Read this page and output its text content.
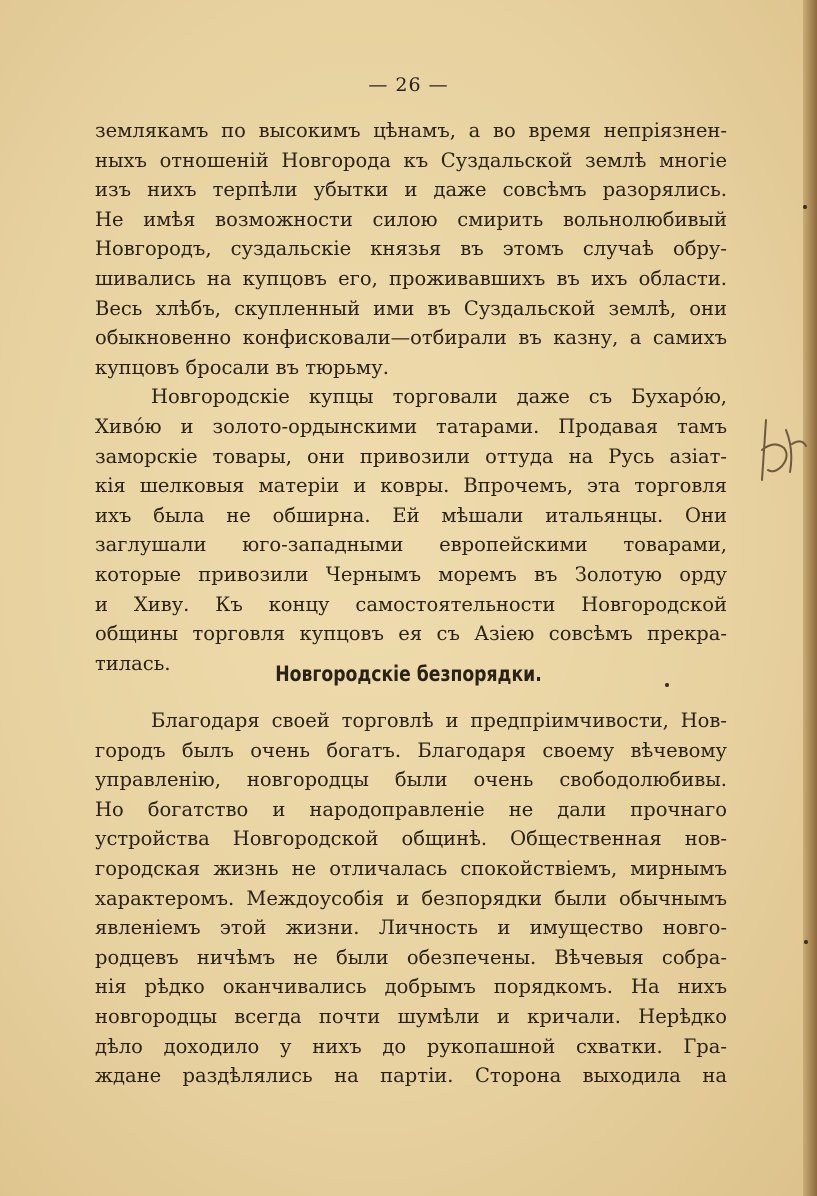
— 26 —
землякамъ по высокимъ цѣнамъ, а во время непріязнен-
ныхъ отношеній Новгорода къ Суздальской землѣ многіе
изъ нихъ терпѣли убытки и даже совсѣмъ разорялись.
Не имѣя возможности силою смирить вольнолюбивый
Новгородъ, суздальскіе князья въ этомъ случаѣ обру-
шивались на купцовъ его, проживавшихъ въ ихъ области.
Весь хлѣбъ, скупленный ими въ Суздальской землѣ, они
обыкновенно конфисковали—отбирали въ казну, а самихъ
купцовъ бросали въ тюрьму.
Новгородскіе купцы торговали даже съ Бухарóю,
Хивóю и золото-ордынскими татарами. Продавая тамъ
заморскіе товары, они привозили оттуда на Русь азіат-
кія шелковыя матеріи и ковры. Впрочемъ, эта торговля
ихъ была не обширна. Ей мѣшали итальянцы. Они
заглушали юго-западными европейскими товарами,
которые привозили Чернымъ моремъ въ Золотую орду
и Хиву. Къ концу самостоятельности Новгородской
общины торговля купцовъ ея съ Азіею совсѣмъ прекра-
тилась.	Новгородскіе безпорядки.
Благодаря своей торговлѣ и предпріимчивости, Нов-
городъ былъ очень богатъ. Благодаря своему вѣчевому
управленію, новгородцы были очень свободолюбивы.
Но богатство и народоправленіе не дали прочнаго
устройства Новгородской общинѣ. Общественная нов-
городская жизнь не отличалась спокойствіемъ, мирнымъ
характеромъ. Междоусобія и безпорядки были обычнымъ
явленіемъ этой жизни. Личность и имущество новго-
родцевъ ничѣмъ не были обезпечены. Вѣчевыя собра-
нія рѣдко оканчивались добрымъ порядкомъ. На нихъ
новгородцы всегда почти шумѣли и кричали. Нерѣдко
дѣло доходило у нихъ до рукопашной схватки. Гра-
ждане раздѣлялись на партіи. Сторона выходила на
